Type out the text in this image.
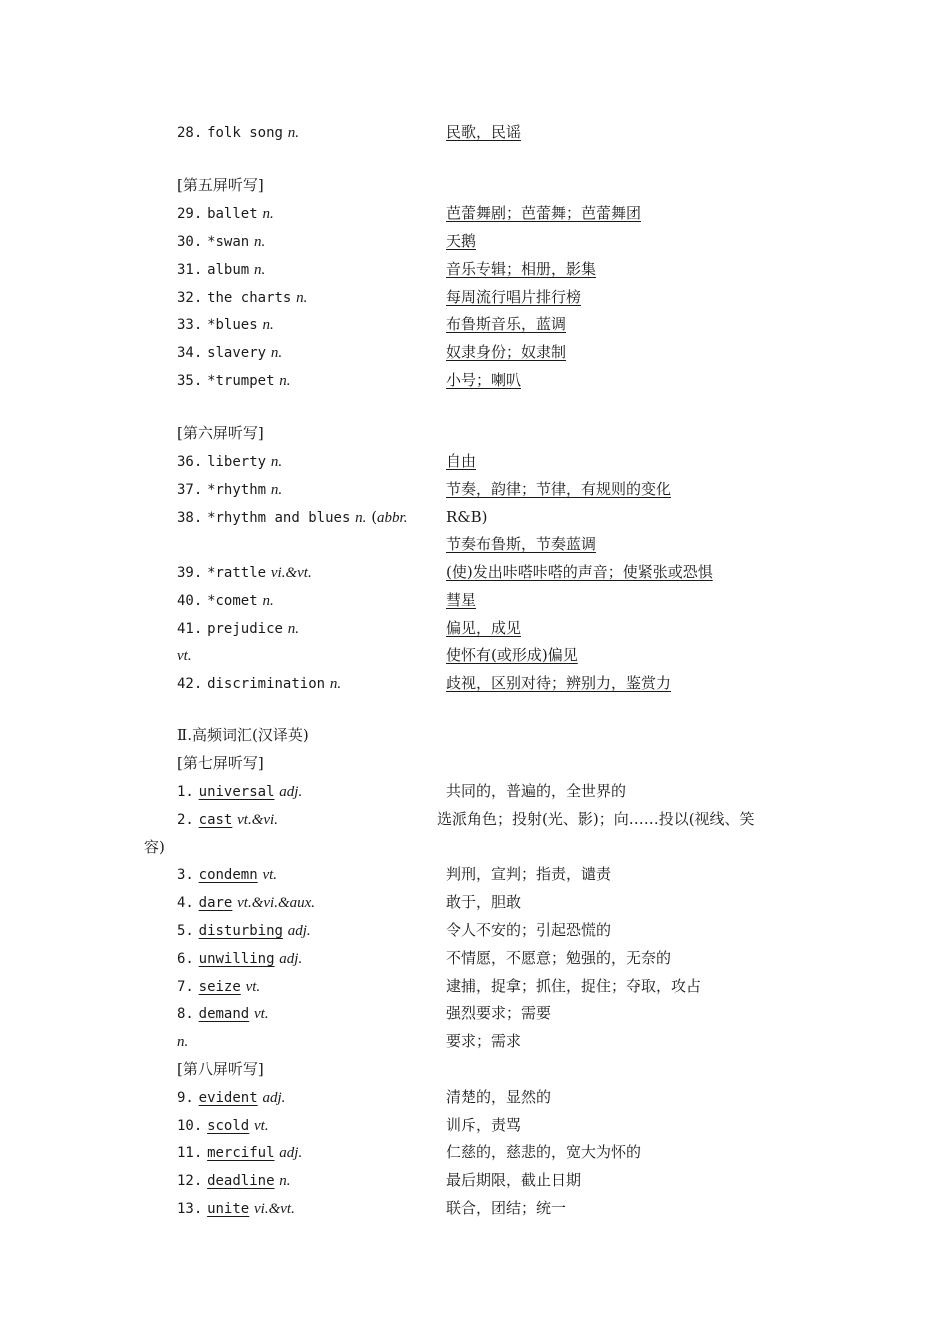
28. folk song n.	民歌，民谣
[第五屏听写]
29. ballet n.	芭蕾舞剧；芭蕾舞；芭蕾舞团
30. *swan n.	天鹅
31. album n.	音乐专辑；相册，影集
32. the charts n.	每周流行唱片排行榜
33. *blues n.	布鲁斯音乐，蓝调
34. slavery n.	奴隶身份；奴隶制
35. *trumpet n.	小号；喇叭
[第六屏听写]
36. liberty n.	自由
37. *rhythm n.	节奏，韵律；节律，有规则的变化
38. *rhythm and blues n. (abbr.	R&B)
节奏布鲁斯，节奏蓝调
39. *rattle vi.&vt.	(使)发出咔嗒咔嗒的声音；使紧张或恐惧
40. *comet n.	彗星
41. prejudice n.	偏见，成见
vt.	使怀有(或形成)偏见
42. discrimination n.	歧视，区别对待；辨别力，鉴赏力
Ⅱ.高频词汇(汉译英)
[第七屏听写]
1. universal adj.	共同的，普遍的，全世界的
2. cast vt.&vi.	选派角色；投射(光、影)；向……投以(视线、笑
容)
3. condemn vt.	判刑，宣判；指责，谴责
4. dare vt.&vi.&aux.	敢于，胆敢
5. disturbing adj.	令人不安的；引起恐慌的
6. unwilling adj.	不情愿，不愿意；勉强的，无奈的
7. seize vt.	逮捕，捉拿；抓住，捉住；夺取，攻占
8. demand vt.	强烈要求；需要
n.	要求；需求
[第八屏听写]
9. evident adj.	清楚的，显然的
10. scold vt.	训斥，责骂
11. merciful adj.	仁慈的，慈悲的，宽大为怀的
12. deadline n.	最后期限，截止日期
13. unite vi.&vt.	联合，团结；统一
